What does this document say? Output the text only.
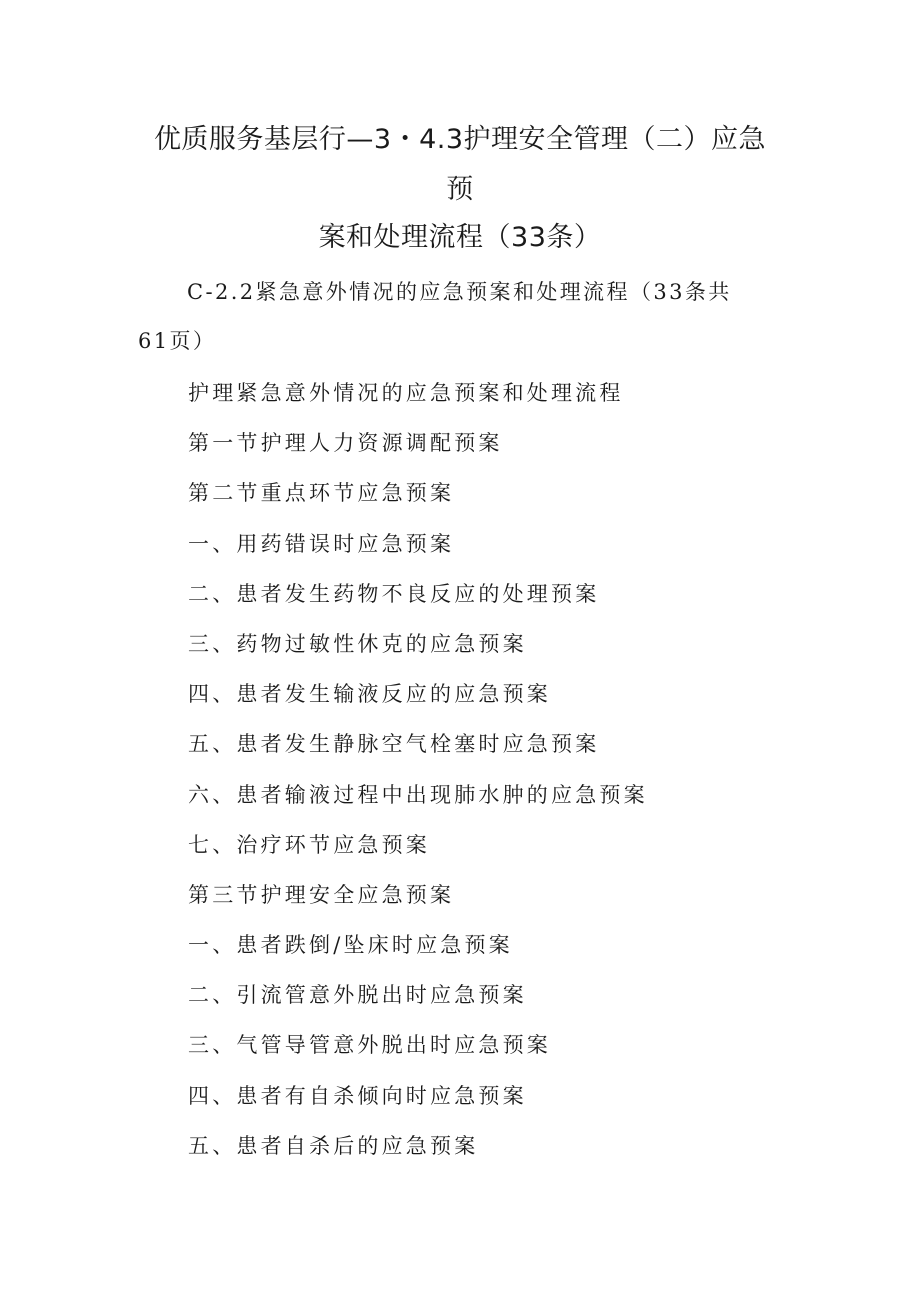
优质服务基层行—3・4.3护理安全管理（二）应急
预
案和处理流程（33条）
C-2.2紧急意外情况的应急预案和处理流程（33条共
61页）
护理紧急意外情况的应急预案和处理流程
第一节护理人力资源调配预案
第二节重点环节应急预案
一、用药错误时应急预案
二、患者发生药物不良反应的处理预案
三、药物过敏性休克的应急预案
四、患者发生输液反应的应急预案
五、患者发生静脉空气栓塞时应急预案
六、患者输液过程中出现肺水肿的应急预案
七、治疗环节应急预案
第三节护理安全应急预案
一、患者跌倒/坠床时应急预案
二、引流管意外脱出时应急预案
三、气管导管意外脱出时应急预案
四、患者有自杀倾向时应急预案
五、患者自杀后的应急预案
